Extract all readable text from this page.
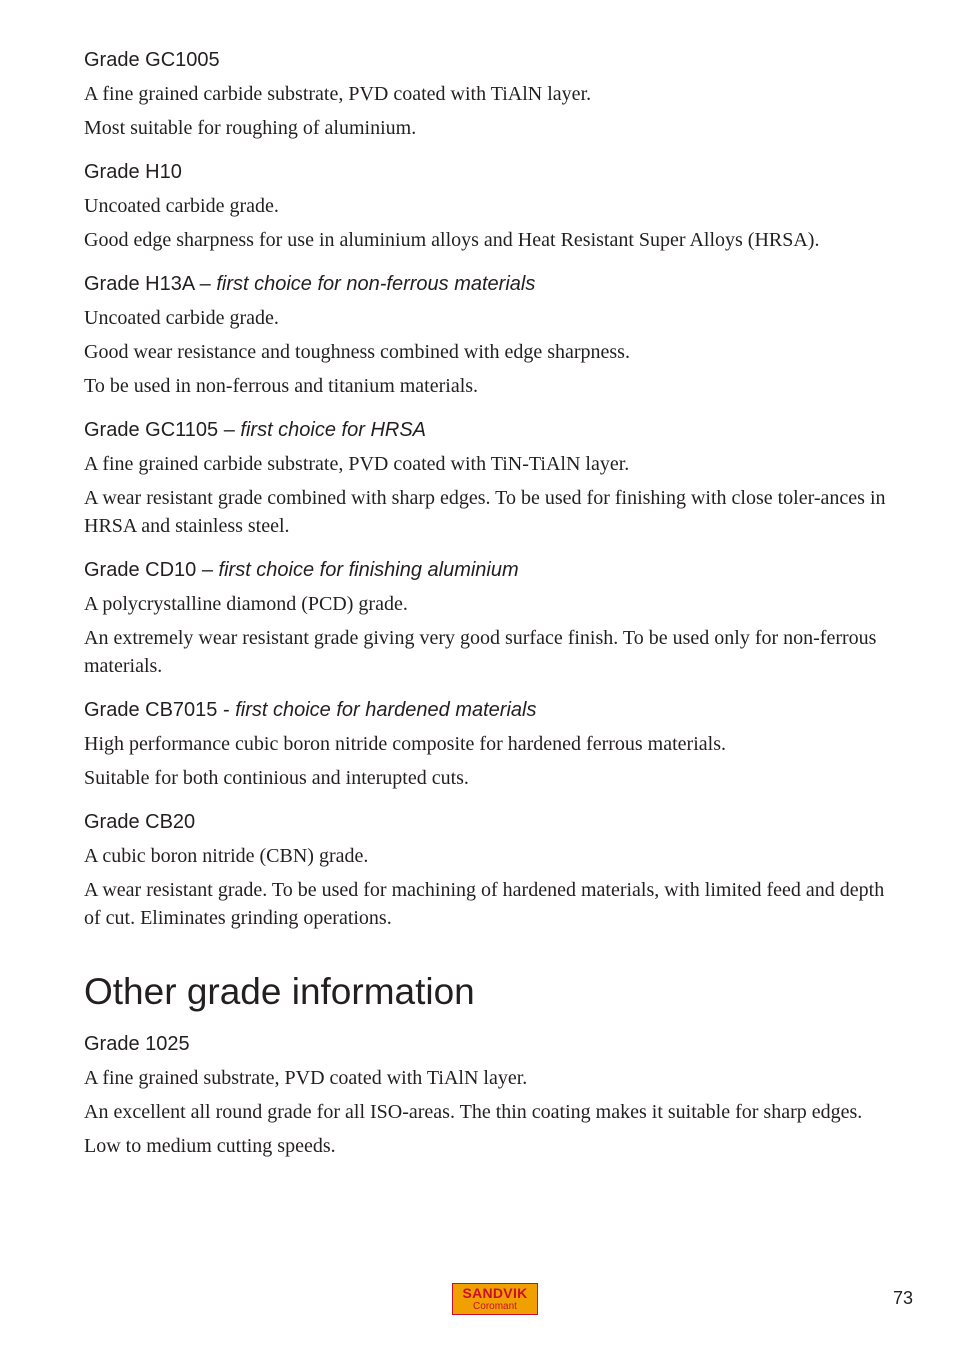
Grade GC1005

A fine grained carbide substrate, PVD coated with TiAlN layer.

Most suitable for roughing of aluminium.

Grade H10

Uncoated carbide grade.

Good edge sharpness for use in aluminium alloys and Heat Resistant Super Alloys (HRSA).

Grade H13A – first choice for non-ferrous materials

Uncoated carbide grade.

Good wear resistance and toughness combined with edge sharpness.

To be used in non-ferrous and titanium materials.

Grade GC1105 – first choice for HRSA

A fine grained carbide substrate, PVD coated with TiN-TiAlN layer.

A wear resistant grade combined with sharp edges. To be used for finishing with close toler-ances in HRSA and stainless steel.

Grade CD10 – first choice for finishing aluminium

A polycrystalline diamond (PCD) grade.

An extremely wear resistant grade giving very good surface finish. To be used only for non-ferrous materials.

Grade CB7015 - first choice for hardened materials

High performance cubic boron nitride composite for hardened ferrous materials.

Suitable for both continious and interupted cuts.

Grade CB20

A cubic boron nitride (CBN) grade.

A wear resistant grade. To be used for machining of hardened materials, with limited feed and depth of cut. Eliminates grinding operations.

Other grade information
Grade 1025

A fine grained substrate, PVD coated with TiAlN layer.

An excellent all round grade for all ISO-areas. The thin coating makes it suitable for sharp edges.

Low to medium cutting speeds.

SANDVIK
Coromant	73
